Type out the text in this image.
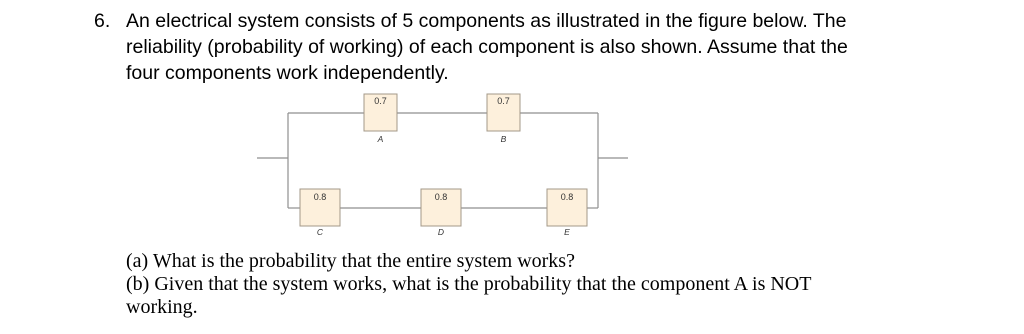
6. An electrical system consists of 5 components as illustrated in the figure below. The
reliability (probability of working) of each component is also shown. Assume that the
four components work independently.
0.7
A
0.7
B
0.8
C
0.8
D
0.8
E
(a) What is the probability that the entire system works?
(b) Given that the system works, what is the probability that the component A is NOT
working.
